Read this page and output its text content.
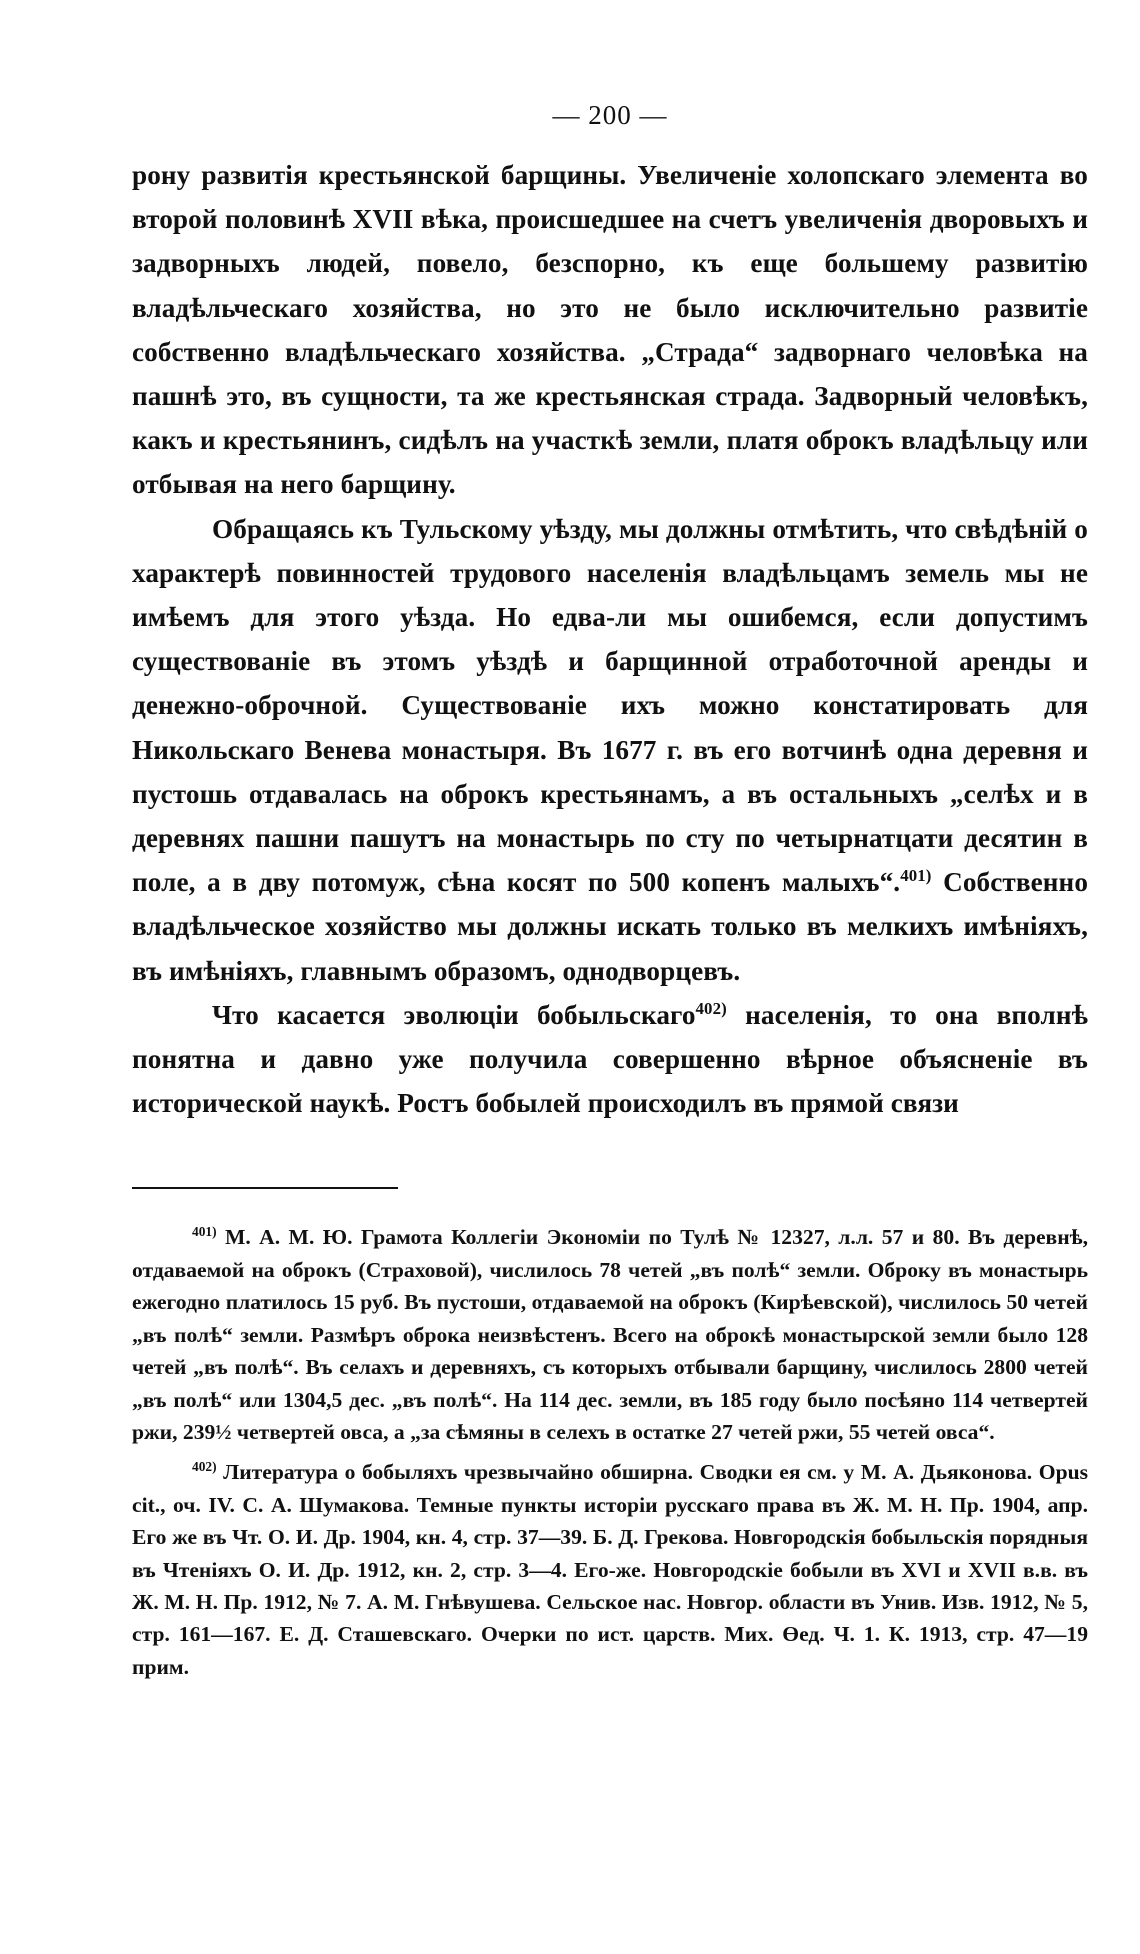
— 200 —

рону развитія крестьянской барщины. Увеличеніе холопскаго элемента во второй половинѣ XVII вѣка, происшедшее на счетъ увеличенія дворовыхъ и задворныхъ людей, повело, безспорно, къ еще большему развитію владѣльческаго хозяйства, но это не было исключительно развитіе собственно владѣльческаго хозяйства. „Страда“ задворнаго человѣка на пашнѣ это, въ сущности, та же крестьянская страда. Задворный человѣкъ, какъ и крестьянинъ, сидѣлъ на участкѣ земли, платя оброкъ владѣльцу или отбывая на него барщину.

Обращаясь къ Тульскому уѣзду, мы должны отмѣтить, что свѣдѣній о характерѣ повинностей трудового населенія владѣльцамъ земель мы не имѣемъ для этого уѣзда. Но едва-ли мы ошибемся, если допустимъ существованіе въ этомъ уѣздѣ и барщинной отработочной аренды и денежно-оброчной. Существованіе ихъ можно констатировать для Никольскаго Венева монастыря. Въ 1677 г. въ его вотчинѣ одна деревня и пустошь отдавалась на оброкъ крестьянамъ, а въ остальныхъ „селѣх и в деревнях пашни пашутъ на монастырь по сту по четырнатцати десятин в поле, а в дву потомуж, сѣна косят по 500 копенъ малыхъ“.$^{401)}$ Собственно владѣльческое хозяйство мы должны искать только въ мелкихъ имѣніяхъ, въ имѣніяхъ, главнымъ образомъ, однодворцевъ.

Что касается эволюціи бобыльскаго$^{402)}$ населенія, то она вполнѣ понятна и давно уже получила совершенно вѣрное объясненіе въ исторической наукѣ. Ростъ бобылей происходилъ въ прямой связи

$^{401)}$ М. А. М. Ю. Грамота Коллегіи Экономіи по Тулѣ № 12327, л.л. 57 и 80. Въ деревнѣ, отдаваемой на оброкъ (Страховой), числилось 78 четей „въ полѣ“ земли. Оброку въ монастырь ежегодно платилось 15 руб. Въ пустоши, отдаваемой на оброкъ (Кирѣевской), числилось 50 четей „въ полѣ“ земли. Размѣръ оброка неизвѣстенъ. Всего на оброкѣ монастырской земли было 128 четей „въ полѣ“. Въ селахъ и деревняхъ, съ которыхъ отбывали барщину, числилось 2800 четей „въ полѣ“ или 1304,5 дес. „въ полѣ“. На 114 дес. земли, въ 185 году было посѣяно 114 четвертей ржи, 239½ четвертей овса, а „за сѣмяны в селехъ в остатке 27 четей ржи, 55 четей овса“.

$^{402)}$ Литература о бобыляхъ чрезвычайно обширна. Сводки ея см. у М. А. Дьяконова. Opus cit., оч. IV. С. А. Шумакова. Темные пункты исторіи русскаго права въ Ж. М. Н. Пр. 1904, апр. Его же въ Чт. О. И. Др. 1904, кн. 4, стр. 37—39. Б. Д. Грекова. Новгородскія бобыльскія порядныя въ Чтеніяхъ О. И. Др. 1912, кн. 2, стр. 3—4. Его-же. Новгородскіе бобыли въ XVI и XVII в.в. въ Ж. М. Н. Пр. 1912, № 7. А. М. Гнѣвушева. Сельское нас. Новгор. области въ Унив. Изв. 1912, № 5, стр. 161—167. Е. Д. Сташевскаго. Очерки по ист. царств. Мих. Өед. Ч. 1. К. 1913, стр. 47—19 прим.
